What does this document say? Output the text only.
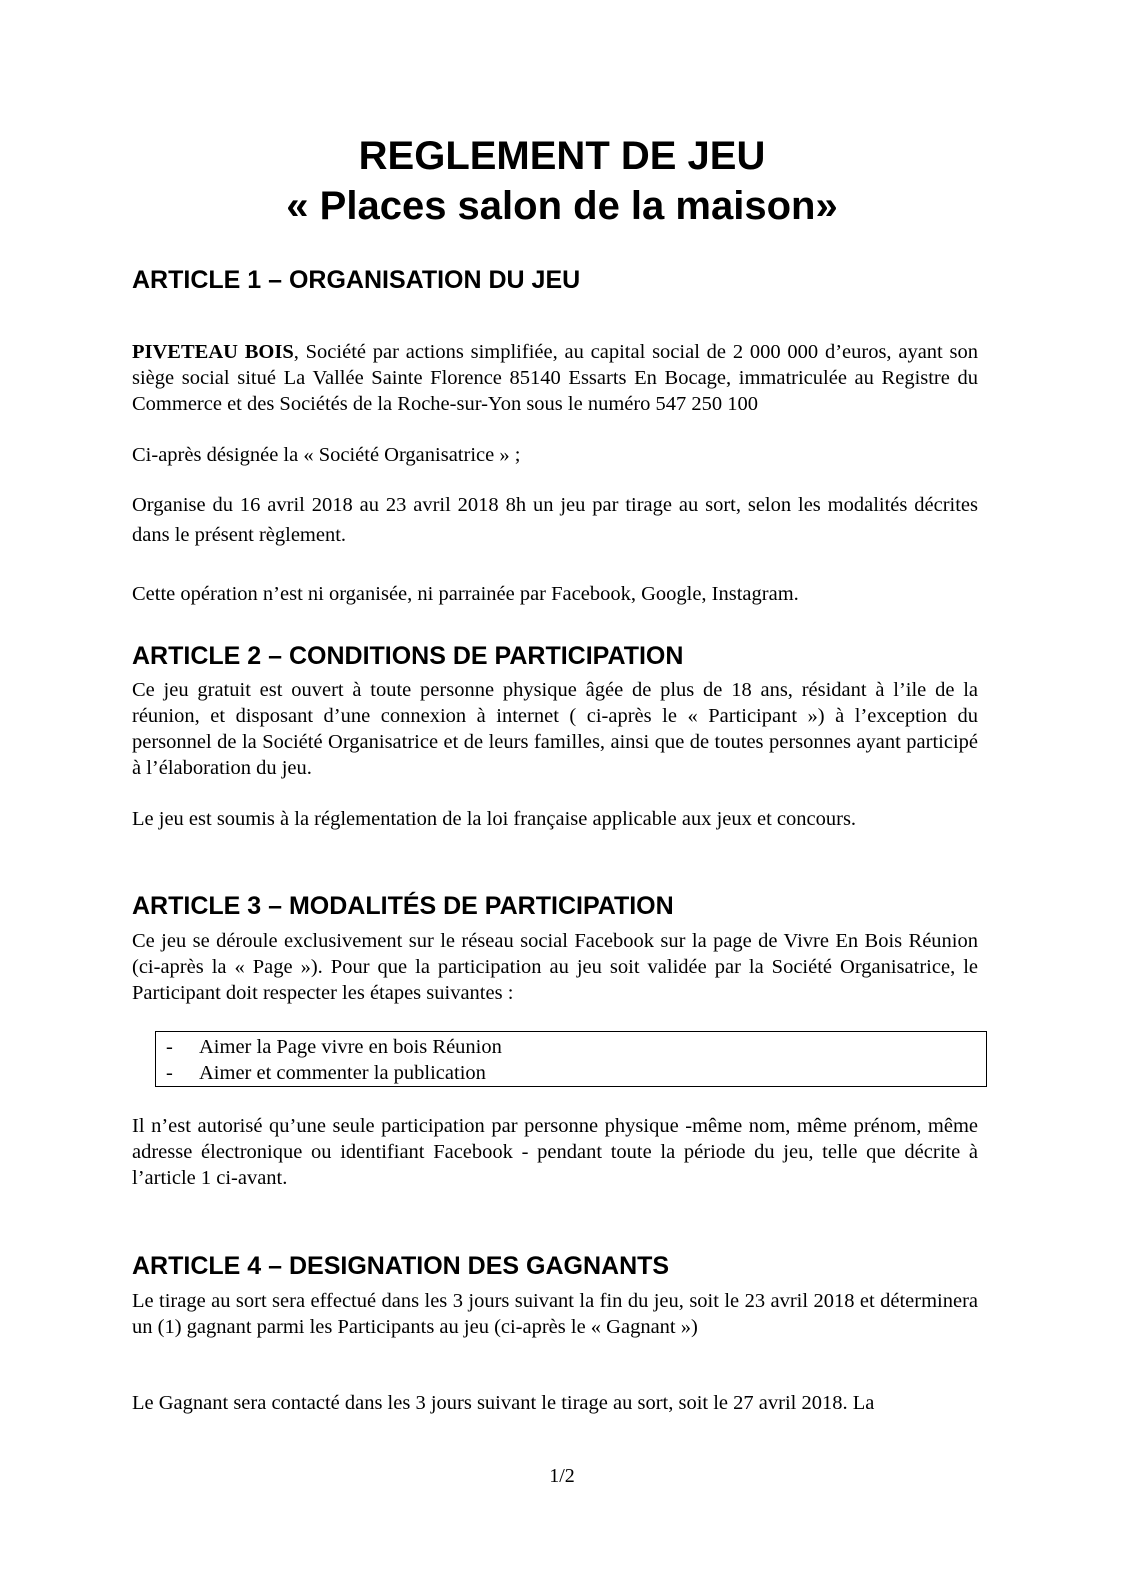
REGLEMENT DE JEU
« Places salon de la maison»
ARTICLE 1 – ORGANISATION DU JEU

PIVETEAU BOIS, Société par actions simplifiée, au capital social de 2 000 000 d’euros, ayant son siège social situé La Vallée Sainte Florence 85140 Essarts En Bocage, immatriculée au Registre du Commerce et des Sociétés de la Roche-sur-Yon sous le numéro 547 250 100

Ci-après désignée la « Société Organisatrice » ;

Organise du 16 avril 2018 au 23 avril 2018 8h un jeu par tirage au sort, selon les modalités décrites dans le présent règlement.

Cette opération n’est ni organisée, ni parrainée par Facebook, Google, Instagram.

ARTICLE 2 – CONDITIONS DE PARTICIPATION

Ce jeu gratuit est ouvert à toute personne physique âgée de plus de 18 ans, résidant à l’ile de la réunion, et disposant d’une connexion à internet ( ci-après le « Participant ») à l’exception du personnel de la Société Organisatrice et de leurs familles, ainsi que de toutes personnes ayant participé à l’élaboration du jeu.

Le jeu est soumis à la réglementation de la loi française applicable aux jeux et concours.

ARTICLE 3 – MODALITÉS DE PARTICIPATION

Ce jeu se déroule exclusivement sur le réseau social Facebook sur la page de Vivre En Bois Réunion (ci-après la « Page »). Pour que la participation au jeu soit validée par la Société Organisatrice, le Participant doit respecter les étapes suivantes :

- Aimer la Page vivre en bois Réunion
- Aimer et commenter la publication

Il n’est autorisé qu’une seule participation par personne physique -même nom, même prénom, même adresse électronique ou identifiant Facebook - pendant toute la période du jeu, telle que décrite à l’article 1 ci-avant.

ARTICLE 4 – DESIGNATION DES GAGNANTS

Le tirage au sort sera effectué dans les 3 jours suivant la fin du jeu, soit le 23 avril 2018 et déterminera un (1) gagnant parmi les Participants au jeu (ci-après le « Gagnant »)

Le Gagnant sera contacté dans les 3 jours suivant le tirage au sort, soit le 27 avril 2018. La

1/2
